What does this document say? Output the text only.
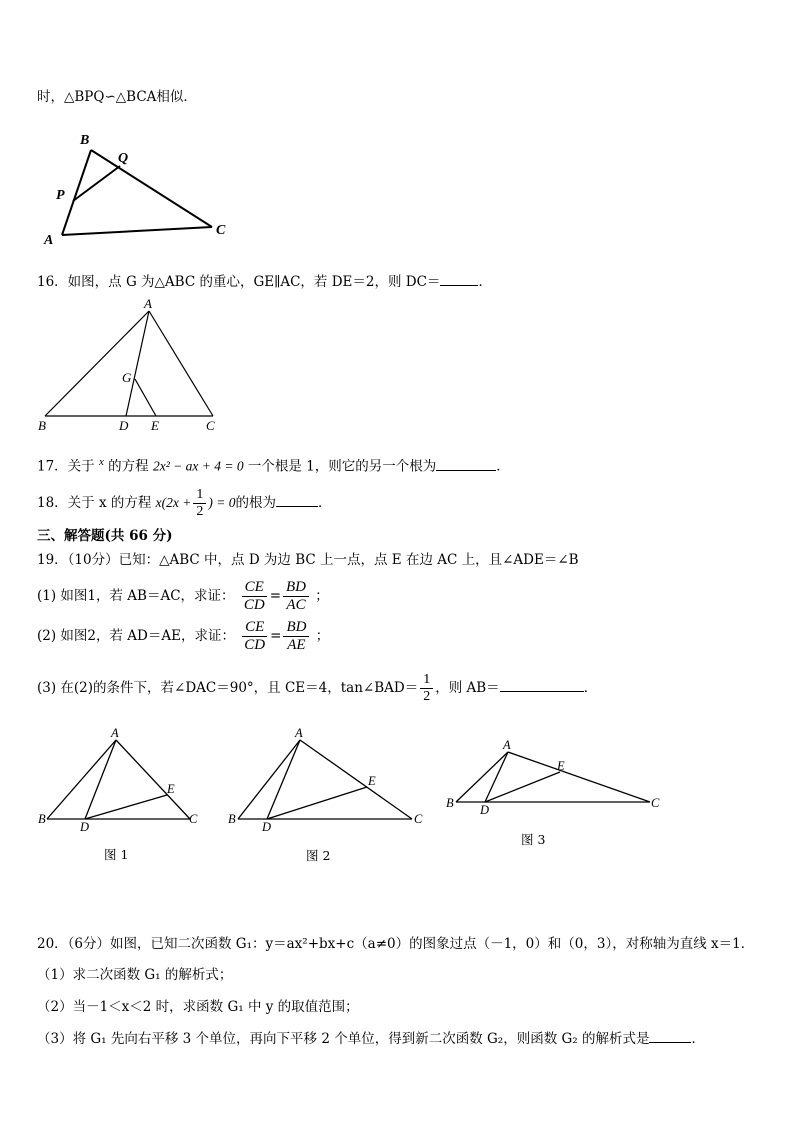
时，△BPQ∽△BCA相似．
B
Q
P
A
C
16．如图，点 G 为△ABC 的重心，GE∥AC，若 DE＝2，则 DC＝	．
A
G
B	D E	C
17．关于 $^x$ 的方程 2x² − ax + 4 = 0 一个根是 1，则它的另一个根为	．
18．关于 x 的方程 $x(2x + \frac{1}{2}$ ) = 0的根为	．
三、解答题(共 66 分)
19．（10分）已知：△ABC 中，点 D 为边 BC 上一点，点 E 在边 AC 上，且∠ADE＝∠B
(1) 如图1，若 AB＝AC，求证： $\frac{CE}{CD} = \frac{BD}{AC}$ ；
(2) 如图2，若 AD＝AE，求证： $\frac{CE}{CD} = \frac{BD}{AE}$ ；
(3) 在(2)的条件下，若∠DAC＝90°，且 CE＝4，tan∠BAD＝ $\frac{1}{2}$ ，则 AB＝	．
A
E
B
D
C
图 1
A
E
B
D
C
图 2
A
E
B D	C
图 3
20．（6分）如图，已知二次函数 G₁：y＝ax²+bx+c（a≠0）的图象过点（－1，0）和（0，3），对称轴为直线 x＝1．
（1）求二次函数 G₁ 的解析式；
（2）当－1＜x＜2 时，求函数 G₁ 中 y 的取值范围；
（3）将 G₁ 先向右平移 3 个单位，再向下平移 2 个单位，得到新二次函数 G₂，则函数 G₂ 的解析式是	．
